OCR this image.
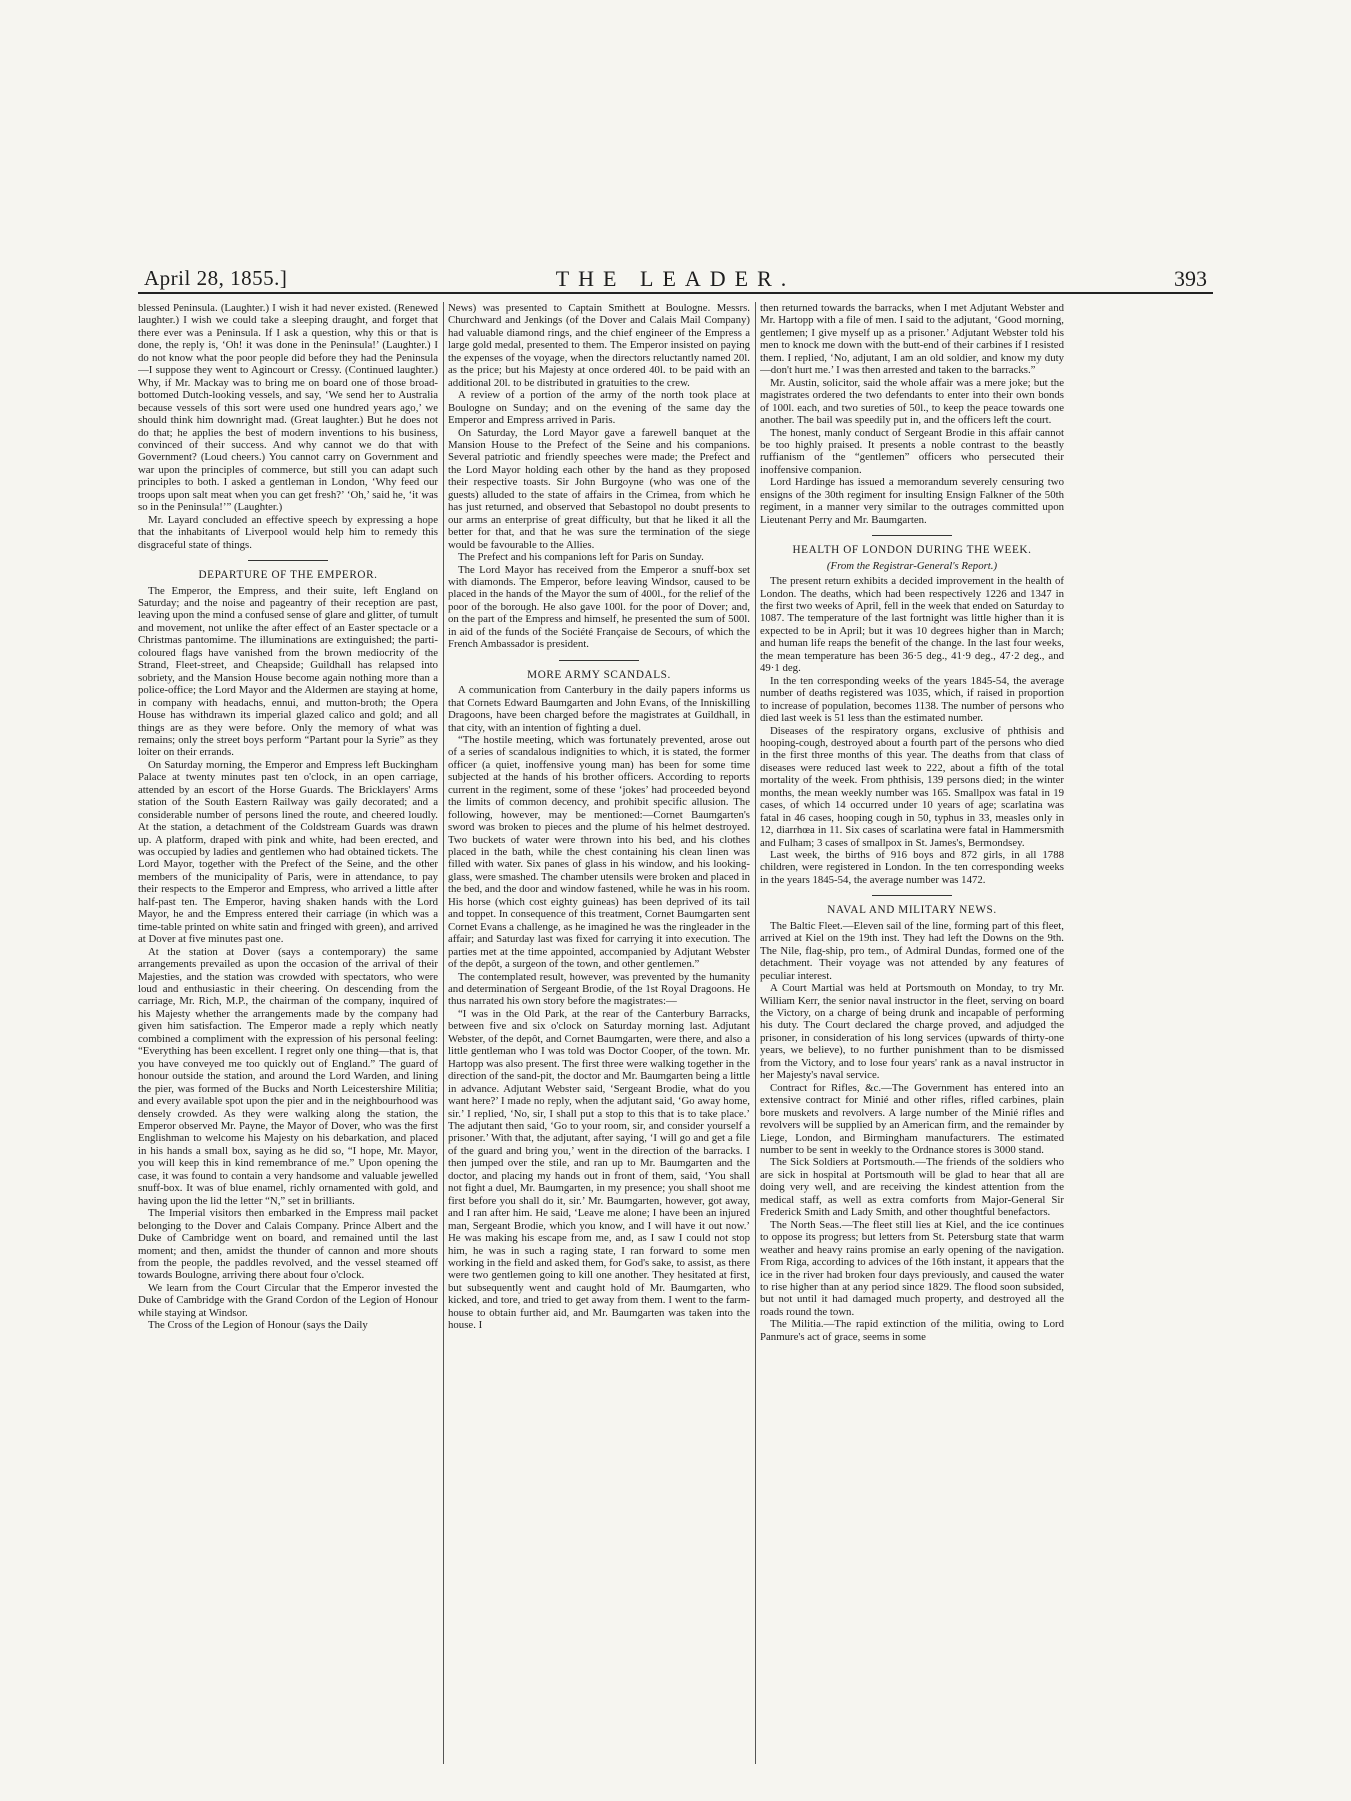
April 28, 1855.]	THE LEADER.	393

blessed Peninsula. (Laughter.) I wish it had never existed. (Renewed laughter.) I wish we could take a sleeping draught, and forget that there ever was a Peninsula. If I ask a question, why this or that is done, the reply is, ‘Oh! it was done in the Peninsula!’ (Laughter.) I do not know what the poor people did before they had the Peninsula—I suppose they went to Agincourt or Cressy. (Continued laughter.) Why, if Mr. Mackay was to bring me on board one of those broad-bottomed Dutch-looking vessels, and say, ‘We send her to Australia because vessels of this sort were used one hundred years ago,’ we should think him downright mad. (Great laughter.) But he does not do that; he applies the best of modern inventions to his business, convinced of their success. And why cannot we do that with Government? (Loud cheers.) You cannot carry on Government and war upon the principles of commerce, but still you can adapt such principles to both. I asked a gentleman in London, ‘Why feed our troops upon salt meat when you can get fresh?’ ‘Oh,’ said he, ‘it was so in the Peninsula!’” (Laughter.)

Mr. Layard concluded an effective speech by expressing a hope that the inhabitants of Liverpool would help him to remedy this disgraceful state of things.

DEPARTURE OF THE EMPEROR.

The Emperor, the Empress, and their suite, left England on Saturday; and the noise and pageantry of their reception are past, leaving upon the mind a confused sense of glare and glitter, of tumult and movement, not unlike the after effect of an Easter spectacle or a Christmas pantomime. The illuminations are extinguished; the parti-coloured flags have vanished from the brown mediocrity of the Strand, Fleet-street, and Cheapside; Guildhall has relapsed into sobriety, and the Mansion House become again nothing more than a police-office; the Lord Mayor and the Aldermen are staying at home, in company with headachs, ennui, and mutton-broth; the Opera House has withdrawn its imperial glazed calico and gold; and all things are as they were before. Only the memory of what was remains; only the street boys perform “Partant pour la Syrie” as they loiter on their errands.

On Saturday morning, the Emperor and Empress left Buckingham Palace at twenty minutes past ten o'clock, in an open carriage, attended by an escort of the Horse Guards. The Bricklayers' Arms station of the South Eastern Railway was gaily decorated; and a considerable number of persons lined the route, and cheered loudly. At the station, a detachment of the Coldstream Guards was drawn up. A platform, draped with pink and white, had been erected, and was occupied by ladies and gentlemen who had obtained tickets. The Lord Mayor, together with the Prefect of the Seine, and the other members of the municipality of Paris, were in attendance, to pay their respects to the Emperor and Empress, who arrived a little after half-past ten. The Emperor, having shaken hands with the Lord Mayor, he and the Empress entered their carriage (in which was a time-table printed on white satin and fringed with green), and arrived at Dover at five minutes past one.

At the station at Dover (says a contemporary) the same arrangements prevailed as upon the occasion of the arrival of their Majesties, and the station was crowded with spectators, who were loud and enthusiastic in their cheering. On descending from the carriage, Mr. Rich, M.P., the chairman of the company, inquired of his Majesty whether the arrangements made by the company had given him satisfaction. The Emperor made a reply which neatly combined a compliment with the expression of his personal feeling: “Everything has been excellent. I regret only one thing—that is, that you have conveyed me too quickly out of England.” The guard of honour outside the station, and around the Lord Warden, and lining the pier, was formed of the Bucks and North Leicestershire Militia; and every available spot upon the pier and in the neighbourhood was densely crowded. As they were walking along the station, the Emperor observed Mr. Payne, the Mayor of Dover, who was the first Englishman to welcome his Majesty on his debarkation, and placed in his hands a small box, saying as he did so, “I hope, Mr. Mayor, you will keep this in kind remembrance of me.” Upon opening the case, it was found to contain a very handsome and valuable jewelled snuff-box. It was of blue enamel, richly ornamented with gold, and having upon the lid the letter “N,” set in brilliants.

The Imperial visitors then embarked in the Empress mail packet belonging to the Dover and Calais Company. Prince Albert and the Duke of Cambridge went on board, and remained until the last moment; and then, amidst the thunder of cannon and more shouts from the people, the paddles revolved, and the vessel steamed off towards Boulogne, arriving there about four o'clock.

We learn from the Court Circular that the Emperor invested the Duke of Cambridge with the Grand Cordon of the Legion of Honour while staying at Windsor.

The Cross of the Legion of Honour (says the Daily

News) was presented to Captain Smithett at Boulogne. Messrs. Churchward and Jenkings (of the Dover and Calais Mail Company) had valuable diamond rings, and the chief engineer of the Empress a large gold medal, presented to them. The Emperor insisted on paying the expenses of the voyage, when the directors reluctantly named 20l. as the price; but his Majesty at once ordered 40l. to be paid with an additional 20l. to be distributed in gratuities to the crew.

A review of a portion of the army of the north took place at Boulogne on Sunday; and on the evening of the same day the Emperor and Empress arrived in Paris.

On Saturday, the Lord Mayor gave a farewell banquet at the Mansion House to the Prefect of the Seine and his companions. Several patriotic and friendly speeches were made; the Prefect and the Lord Mayor holding each other by the hand as they proposed their respective toasts. Sir John Burgoyne (who was one of the guests) alluded to the state of affairs in the Crimea, from which he has just returned, and observed that Sebastopol no doubt presents to our arms an enterprise of great difficulty, but that he liked it all the better for that, and that he was sure the termination of the siege would be favourable to the Allies.

The Prefect and his companions left for Paris on Sunday.

The Lord Mayor has received from the Emperor a snuff-box set with diamonds. The Emperor, before leaving Windsor, caused to be placed in the hands of the Mayor the sum of 400l., for the relief of the poor of the borough. He also gave 100l. for the poor of Dover; and, on the part of the Empress and himself, he presented the sum of 500l. in aid of the funds of the Société Française de Secours, of which the French Ambassador is president.

MORE ARMY SCANDALS.

A communication from Canterbury in the daily papers informs us that Cornets Edward Baumgarten and John Evans, of the Inniskilling Dragoons, have been charged before the magistrates at Guildhall, in that city, with an intention of fighting a duel.

“The hostile meeting, which was fortunately prevented, arose out of a series of scandalous indignities to which, it is stated, the former officer (a quiet, inoffensive young man) has been for some time subjected at the hands of his brother officers. According to reports current in the regiment, some of these ‘jokes’ had proceeded beyond the limits of common decency, and prohibit specific allusion. The following, however, may be mentioned:—Cornet Baumgarten's sword was broken to pieces and the plume of his helmet destroyed. Two buckets of water were thrown into his bed, and his clothes placed in the bath, while the chest containing his clean linen was filled with water. Six panes of glass in his window, and his looking-glass, were smashed. The chamber utensils were broken and placed in the bed, and the door and window fastened, while he was in his room. His horse (which cost eighty guineas) has been deprived of its tail and toppet. In consequence of this treatment, Cornet Baumgarten sent Cornet Evans a challenge, as he imagined he was the ringleader in the affair; and Saturday last was fixed for carrying it into execution. The parties met at the time appointed, accompanied by Adjutant Webster of the depôt, a surgeon of the town, and other gentlemen.”

The contemplated result, however, was prevented by the humanity and determination of Sergeant Brodie, of the 1st Royal Dragoons. He thus narrated his own story before the magistrates:—

“I was in the Old Park, at the rear of the Canterbury Barracks, between five and six o'clock on Saturday morning last. Adjutant Webster, of the depôt, and Cornet Baumgarten, were there, and also a little gentleman who I was told was Doctor Cooper, of the town. Mr. Hartopp was also present. The first three were walking together in the direction of the sand-pit, the doctor and Mr. Baumgarten being a little in advance. Adjutant Webster said, ‘Sergeant Brodie, what do you want here?’ I made no reply, when the adjutant said, ‘Go away home, sir.’ I replied, ‘No, sir, I shall put a stop to this that is to take place.’ The adjutant then said, ‘Go to your room, sir, and consider yourself a prisoner.’ With that, the adjutant, after saying, ‘I will go and get a file of the guard and bring you,’ went in the direction of the barracks. I then jumped over the stile, and ran up to Mr. Baumgarten and the doctor, and placing my hands out in front of them, said, ‘You shall not fight a duel, Mr. Baumgarten, in my presence; you shall shoot me first before you shall do it, sir.’ Mr. Baumgarten, however, got away, and I ran after him. He said, ‘Leave me alone; I have been an injured man, Sergeant Brodie, which you know, and I will have it out now.’ He was making his escape from me, and, as I saw I could not stop him, he was in such a raging state, I ran forward to some men working in the field and asked them, for God's sake, to assist, as there were two gentlemen going to kill one another. They hesitated at first, but subsequently went and caught hold of Mr. Baumgarten, who kicked, and tore, and tried to get away from them. I went to the farm-house to obtain further aid, and Mr. Baumgarten was taken into the house. I

then returned towards the barracks, when I met Adjutant Webster and Mr. Hartopp with a file of men. I said to the adjutant, ‘Good morning, gentlemen; I give myself up as a prisoner.’ Adjutant Webster told his men to knock me down with the butt-end of their carbines if I resisted them. I replied, ‘No, adjutant, I am an old soldier, and know my duty—don't hurt me.’ I was then arrested and taken to the barracks.”

Mr. Austin, solicitor, said the whole affair was a mere joke; but the magistrates ordered the two defendants to enter into their own bonds of 100l. each, and two sureties of 50l., to keep the peace towards one another. The bail was speedily put in, and the officers left the court.

The honest, manly conduct of Sergeant Brodie in this affair cannot be too highly praised. It presents a noble contrast to the beastly ruffianism of the “gentlemen” officers who persecuted their inoffensive companion.

Lord Hardinge has issued a memorandum severely censuring two ensigns of the 30th regiment for insulting Ensign Falkner of the 50th regiment, in a manner very similar to the outrages committed upon Lieutenant Perry and Mr. Baumgarten.

HEALTH OF LONDON DURING THE WEEK.
(From the Registrar-General's Report.)

The present return exhibits a decided improvement in the health of London. The deaths, which had been respectively 1226 and 1347 in the first two weeks of April, fell in the week that ended on Saturday to 1087. The temperature of the last fortnight was little higher than it is expected to be in April; but it was 10 degrees higher than in March; and human life reaps the benefit of the change. In the last four weeks, the mean temperature has been 36·5 deg., 41·9 deg., 47·2 deg., and 49·1 deg.

In the ten corresponding weeks of the years 1845-54, the average number of deaths registered was 1035, which, if raised in proportion to increase of population, becomes 1138. The number of persons who died last week is 51 less than the estimated number.

Diseases of the respiratory organs, exclusive of phthisis and hooping-cough, destroyed about a fourth part of the persons who died in the first three months of this year. The deaths from that class of diseases were reduced last week to 222, about a fifth of the total mortality of the week. From phthisis, 139 persons died; in the winter months, the mean weekly number was 165. Smallpox was fatal in 19 cases, of which 14 occurred under 10 years of age; scarlatina was fatal in 46 cases, hooping cough in 50, typhus in 33, measles only in 12, diarrhœa in 11. Six cases of scarlatina were fatal in Hammersmith and Fulham; 3 cases of smallpox in St. James's, Bermondsey.

Last week, the births of 916 boys and 872 girls, in all 1788 children, were registered in London. In the ten corresponding weeks in the years 1845-54, the average number was 1472.

NAVAL AND MILITARY NEWS.

The Baltic Fleet.—Eleven sail of the line, forming part of this fleet, arrived at Kiel on the 19th inst. They had left the Downs on the 9th. The Nile, flag-ship, pro tem., of Admiral Dundas, formed one of the detachment. Their voyage was not attended by any features of peculiar interest.

A Court Martial was held at Portsmouth on Monday, to try Mr. William Kerr, the senior naval instructor in the fleet, serving on board the Victory, on a charge of being drunk and incapable of performing his duty. The Court declared the charge proved, and adjudged the prisoner, in consideration of his long services (upwards of thirty-one years, we believe), to no further punishment than to be dismissed from the Victory, and to lose four years' rank as a naval instructor in her Majesty's naval service.

Contract for Rifles, &c.—The Government has entered into an extensive contract for Minié and other rifles, rifled carbines, plain bore muskets and revolvers. A large number of the Minié rifles and revolvers will be supplied by an American firm, and the remainder by Liege, London, and Birmingham manufacturers. The estimated number to be sent in weekly to the Ordnance stores is 3000 stand.

The Sick Soldiers at Portsmouth.—The friends of the soldiers who are sick in hospital at Portsmouth will be glad to hear that all are doing very well, and are receiving the kindest attention from the medical staff, as well as extra comforts from Major-General Sir Frederick Smith and Lady Smith, and other thoughtful benefactors.

The North Seas.—The fleet still lies at Kiel, and the ice continues to oppose its progress; but letters from St. Petersburg state that warm weather and heavy rains promise an early opening of the navigation. From Riga, according to advices of the 16th instant, it appears that the ice in the river had broken four days previously, and caused the water to rise higher than at any period since 1829. The flood soon subsided, but not until it had damaged much property, and destroyed all the roads round the town.

The Militia.—The rapid extinction of the militia, owing to Lord Panmure's act of grace, seems in some
